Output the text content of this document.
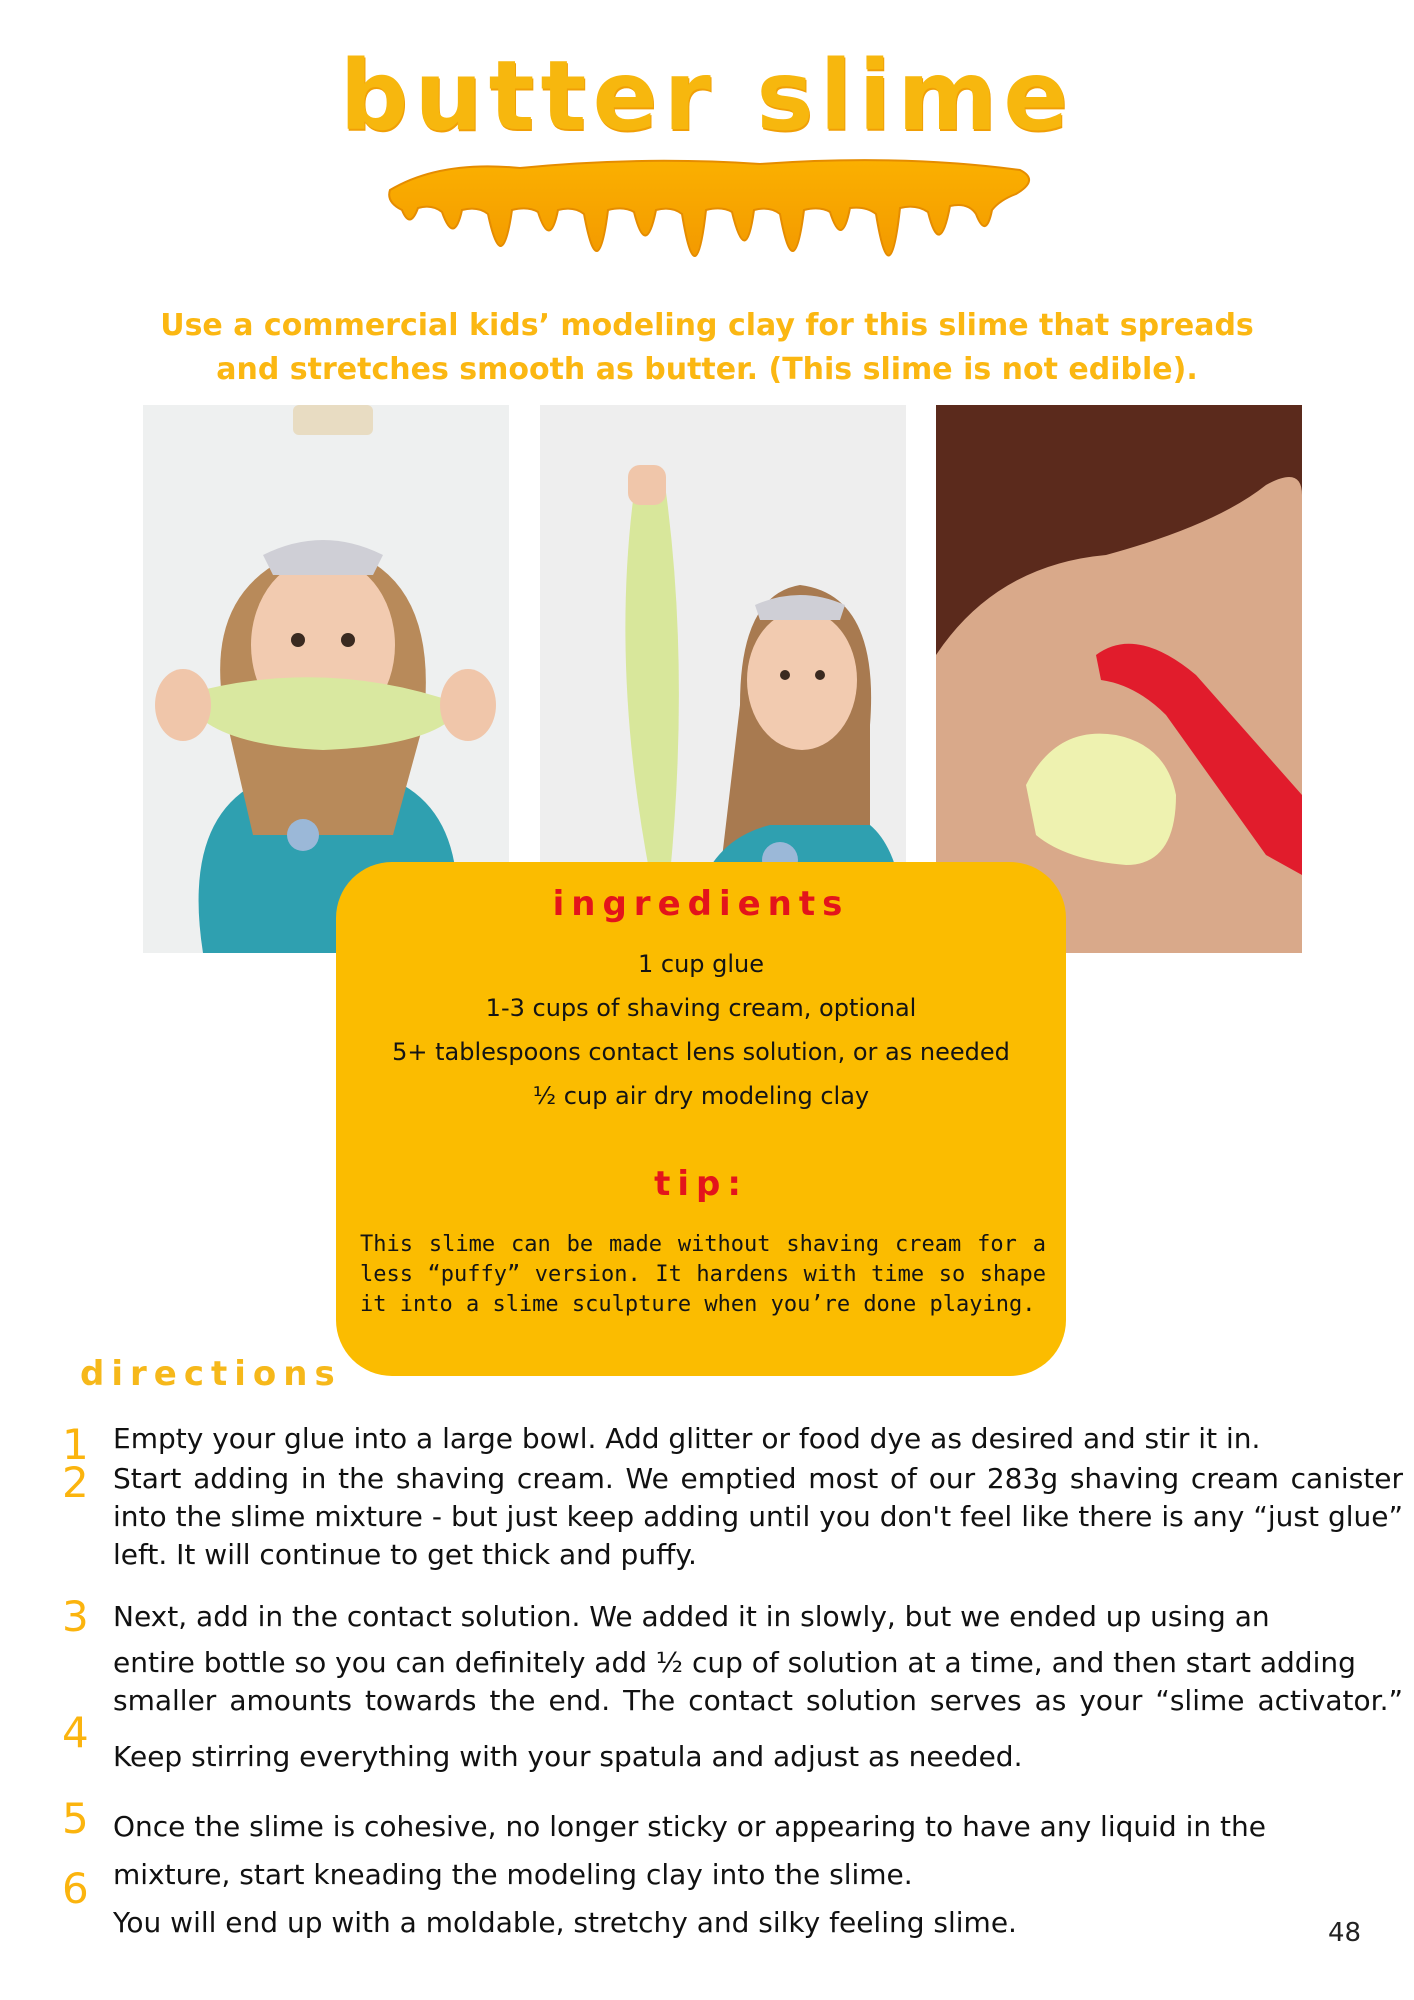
butter slime
Use a commercial kids’ modeling clay for this slime that spreads
and stretches smooth as butter. (This slime is not edible).
ingredients
1 cup glue
1-3 cups of shaving cream, optional
5+ tablespoons contact lens solution, or as needed
½ cup air dry modeling clay
tip:
This slime can be made without shaving cream for a less “puffy” version. It hardens with time so shape it into a slime sculpture when you’re done playing.
directions
1
2
3
4
5
6
Empty your glue into a large bowl. Add glitter or food dye as desired and stir it in.
Start adding in the shaving cream. We emptied most of our 283g shaving cream canister
into the slime mixture - but just keep adding until you don't feel like there is any “just glue”
left. It will continue to get thick and puffy.
Next, add in the contact solution. We added it in slowly, but we ended up using an
entire bottle so you can definitely add ½ cup of solution at a time, and then start adding
smaller amounts towards the end. The contact solution serves as your “slime activator.”
Keep stirring everything with your spatula and adjust as needed.
Once the slime is cohesive, no longer sticky or appearing to have any liquid in the
mixture, start kneading the modeling clay into the slime.
You will end up with a moldable, stretchy and silky feeling slime.	48
